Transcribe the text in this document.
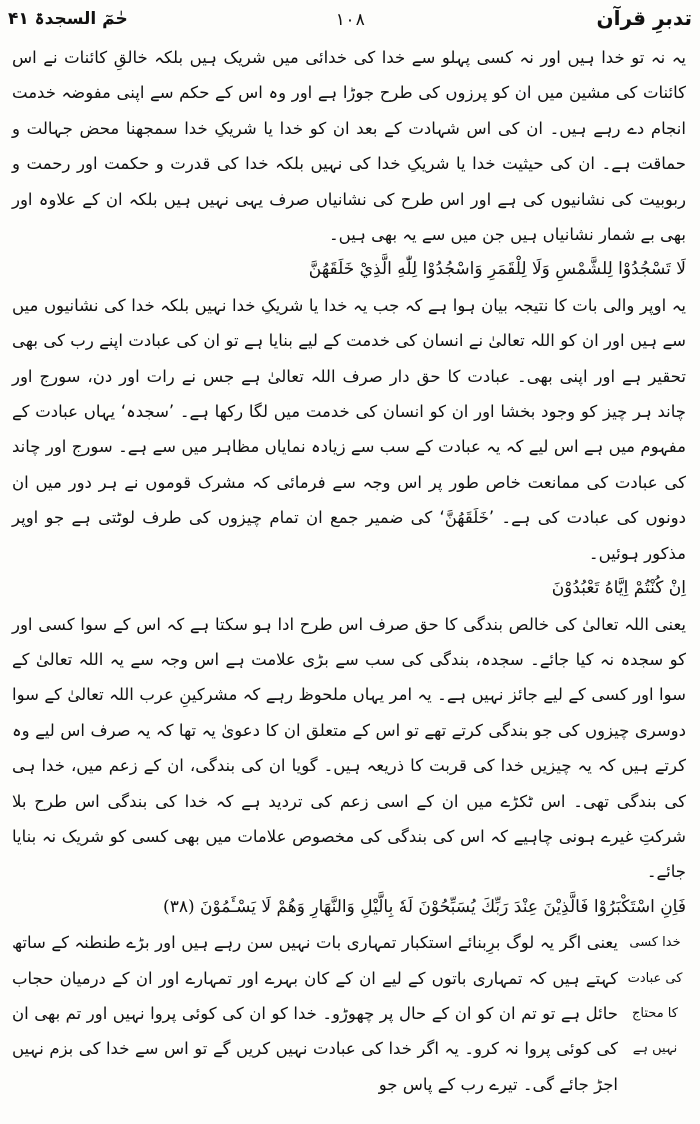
تدبرِ قرآن
۱۰۸
حٰمٓ السجدۃ ۴۱

یہ نہ تو خدا ہیں اور نہ کسی پہلو سے خدا کی خدائی میں شریک ہیں بلکہ خالقِ کائنات نے اس کائنات کی مشین میں ان کو پرزوں کی طرح جوڑا ہے اور وہ اس کے حکم سے اپنی مفوضہ خدمت انجام دے رہے ہیں۔ ان کی اس شہادت کے بعد ان کو خدا یا شریکِ خدا سمجھنا محض جہالت و حماقت ہے۔ ان کی حیثیت خدا یا شریکِ خدا کی نہیں بلکہ خدا کی قدرت و حکمت اور رحمت و ربوبیت کی نشانیوں کی ہے اور اس طرح کی نشانیاں صرف یہی نہیں ہیں بلکہ ان کے علاوہ اور بھی بے شمار نشانیاں ہیں جن میں سے یہ بھی ہیں۔

لَا تَسْجُدُوْا لِلشَّمْسِ وَلَا لِلْقَمَرِ وَاسْجُدُوْا لِلّٰهِ الَّذِيْ خَلَقَهُنَّ

یہ اوپر والی بات کا نتیجہ بیان ہوا ہے کہ جب یہ خدا یا شریکِ خدا نہیں بلکہ خدا کی نشانیوں میں سے ہیں اور ان کو اللہ تعالیٰ نے انسان کی خدمت کے لیے بنایا ہے تو ان کی عبادت اپنے رب کی بھی تحقیر ہے اور اپنی بھی۔ عبادت کا حق دار صرف اللہ تعالیٰ ہے جس نے رات اور دن، سورج اور چاند ہر چیز کو وجود بخشا اور ان کو انسان کی خدمت میں لگا رکھا ہے۔ ’سجدہ‘ یہاں عبادت کے مفہوم میں ہے اس لیے کہ یہ عبادت کے سب سے زیادہ نمایاں مظاہر میں سے ہے۔ سورج اور چاند کی عبادت کی ممانعت خاص طور پر اس وجہ سے فرمائی کہ مشرک قوموں نے ہر دور میں ان دونوں کی عبادت کی ہے۔ ’خَلَقَهُنَّ‘ کی ضمیر جمع ان تمام چیزوں کی طرف لوٹتی ہے جو اوپر مذکور ہوئیں۔

اِنْ كُنْتُمْ اِيَّاهُ تَعْبُدُوْنَ

یعنی اللہ تعالیٰ کی خالص بندگی کا حق صرف اس طرح ادا ہو سکتا ہے کہ اس کے سوا کسی اور کو سجدہ نہ کیا جائے۔ سجدہ، بندگی کی سب سے بڑی علامت ہے اس وجہ سے یہ اللہ تعالیٰ کے سوا اور کسی کے لیے جائز نہیں ہے۔ یہ امر یہاں ملحوظ رہے کہ مشرکینِ عرب اللہ تعالیٰ کے سوا دوسری چیزوں کی جو بندگی کرتے تھے تو اس کے متعلق ان کا دعویٰ یہ تھا کہ یہ صرف اس لیے وہ کرتے ہیں کہ یہ چیزیں خدا کی قربت کا ذریعہ ہیں۔ گویا ان کی بندگی، ان کے زعم میں، خدا ہی کی بندگی تھی۔ اس ٹکڑے میں ان کے اسی زعم کی تردید ہے کہ خدا کی بندگی اس طرح بلا شرکتِ غیرے ہونی چاہیے کہ اس کی بندگی کی مخصوص علامات میں بھی کسی کو شریک نہ بنایا جائے۔

فَاِنِ اسْتَكْبَرُوْا فَالَّذِيْنَ عِنْدَ رَبِّكَ يُسَبِّحُوْنَ لَهٗ بِالَّيْلِ وَالنَّهَارِ وَهُمْ لَا يَسْـَٔمُوْنَ (۳۸)

خدا کسی کی عبادت کا محتاج نہیں ہے

یعنی اگر یہ لوگ برِبنائے استکبار تمہاری بات نہیں سن رہے ہیں اور بڑے طنطنہ کے ساتھ کہتے ہیں کہ تمہاری باتوں کے لیے ان کے کان بہرے اور تمہارے اور ان کے درمیان حجاب حائل ہے تو تم ان کو ان کے حال پر چھوڑو۔ خدا کو ان کی کوئی پروا نہیں اور تم بھی ان کی کوئی پروا نہ کرو۔ یہ اگر خدا کی عبادت نہیں کریں گے تو اس سے خدا کی بزم نہیں اجڑ جائے گی۔ تیرے رب کے پاس جو
